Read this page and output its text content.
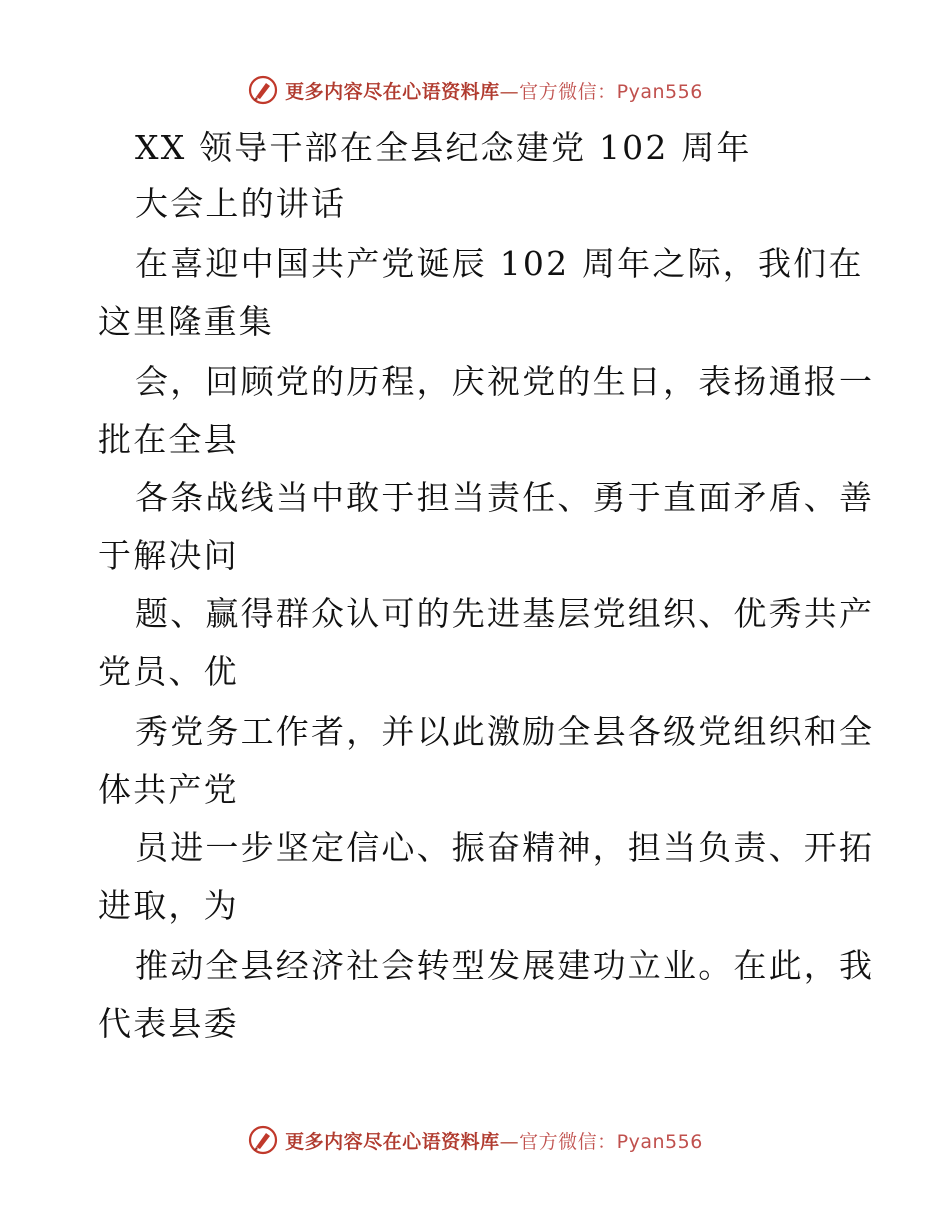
更多内容尽在心语资料库—官方微信：Pyan556
XX 领导干部在全县纪念建党 102 周年
大会上的讲话
在喜迎中国共产党诞辰 102 周年之际，我们在
这里隆重集
会，回顾党的历程，庆祝党的生日，表扬通报一
批在全县
各条战线当中敢于担当责任、勇于直面矛盾、善
于解决问
题、赢得群众认可的先进基层党组织、优秀共产
党员、优
秀党务工作者，并以此激励全县各级党组织和全
体共产党
员进一步坚定信心、振奋精神，担当负责、开拓
进取，为
推动全县经济社会转型发展建功立业。在此，我
代表县委
更多内容尽在心语资料库—官方微信：Pyan556
